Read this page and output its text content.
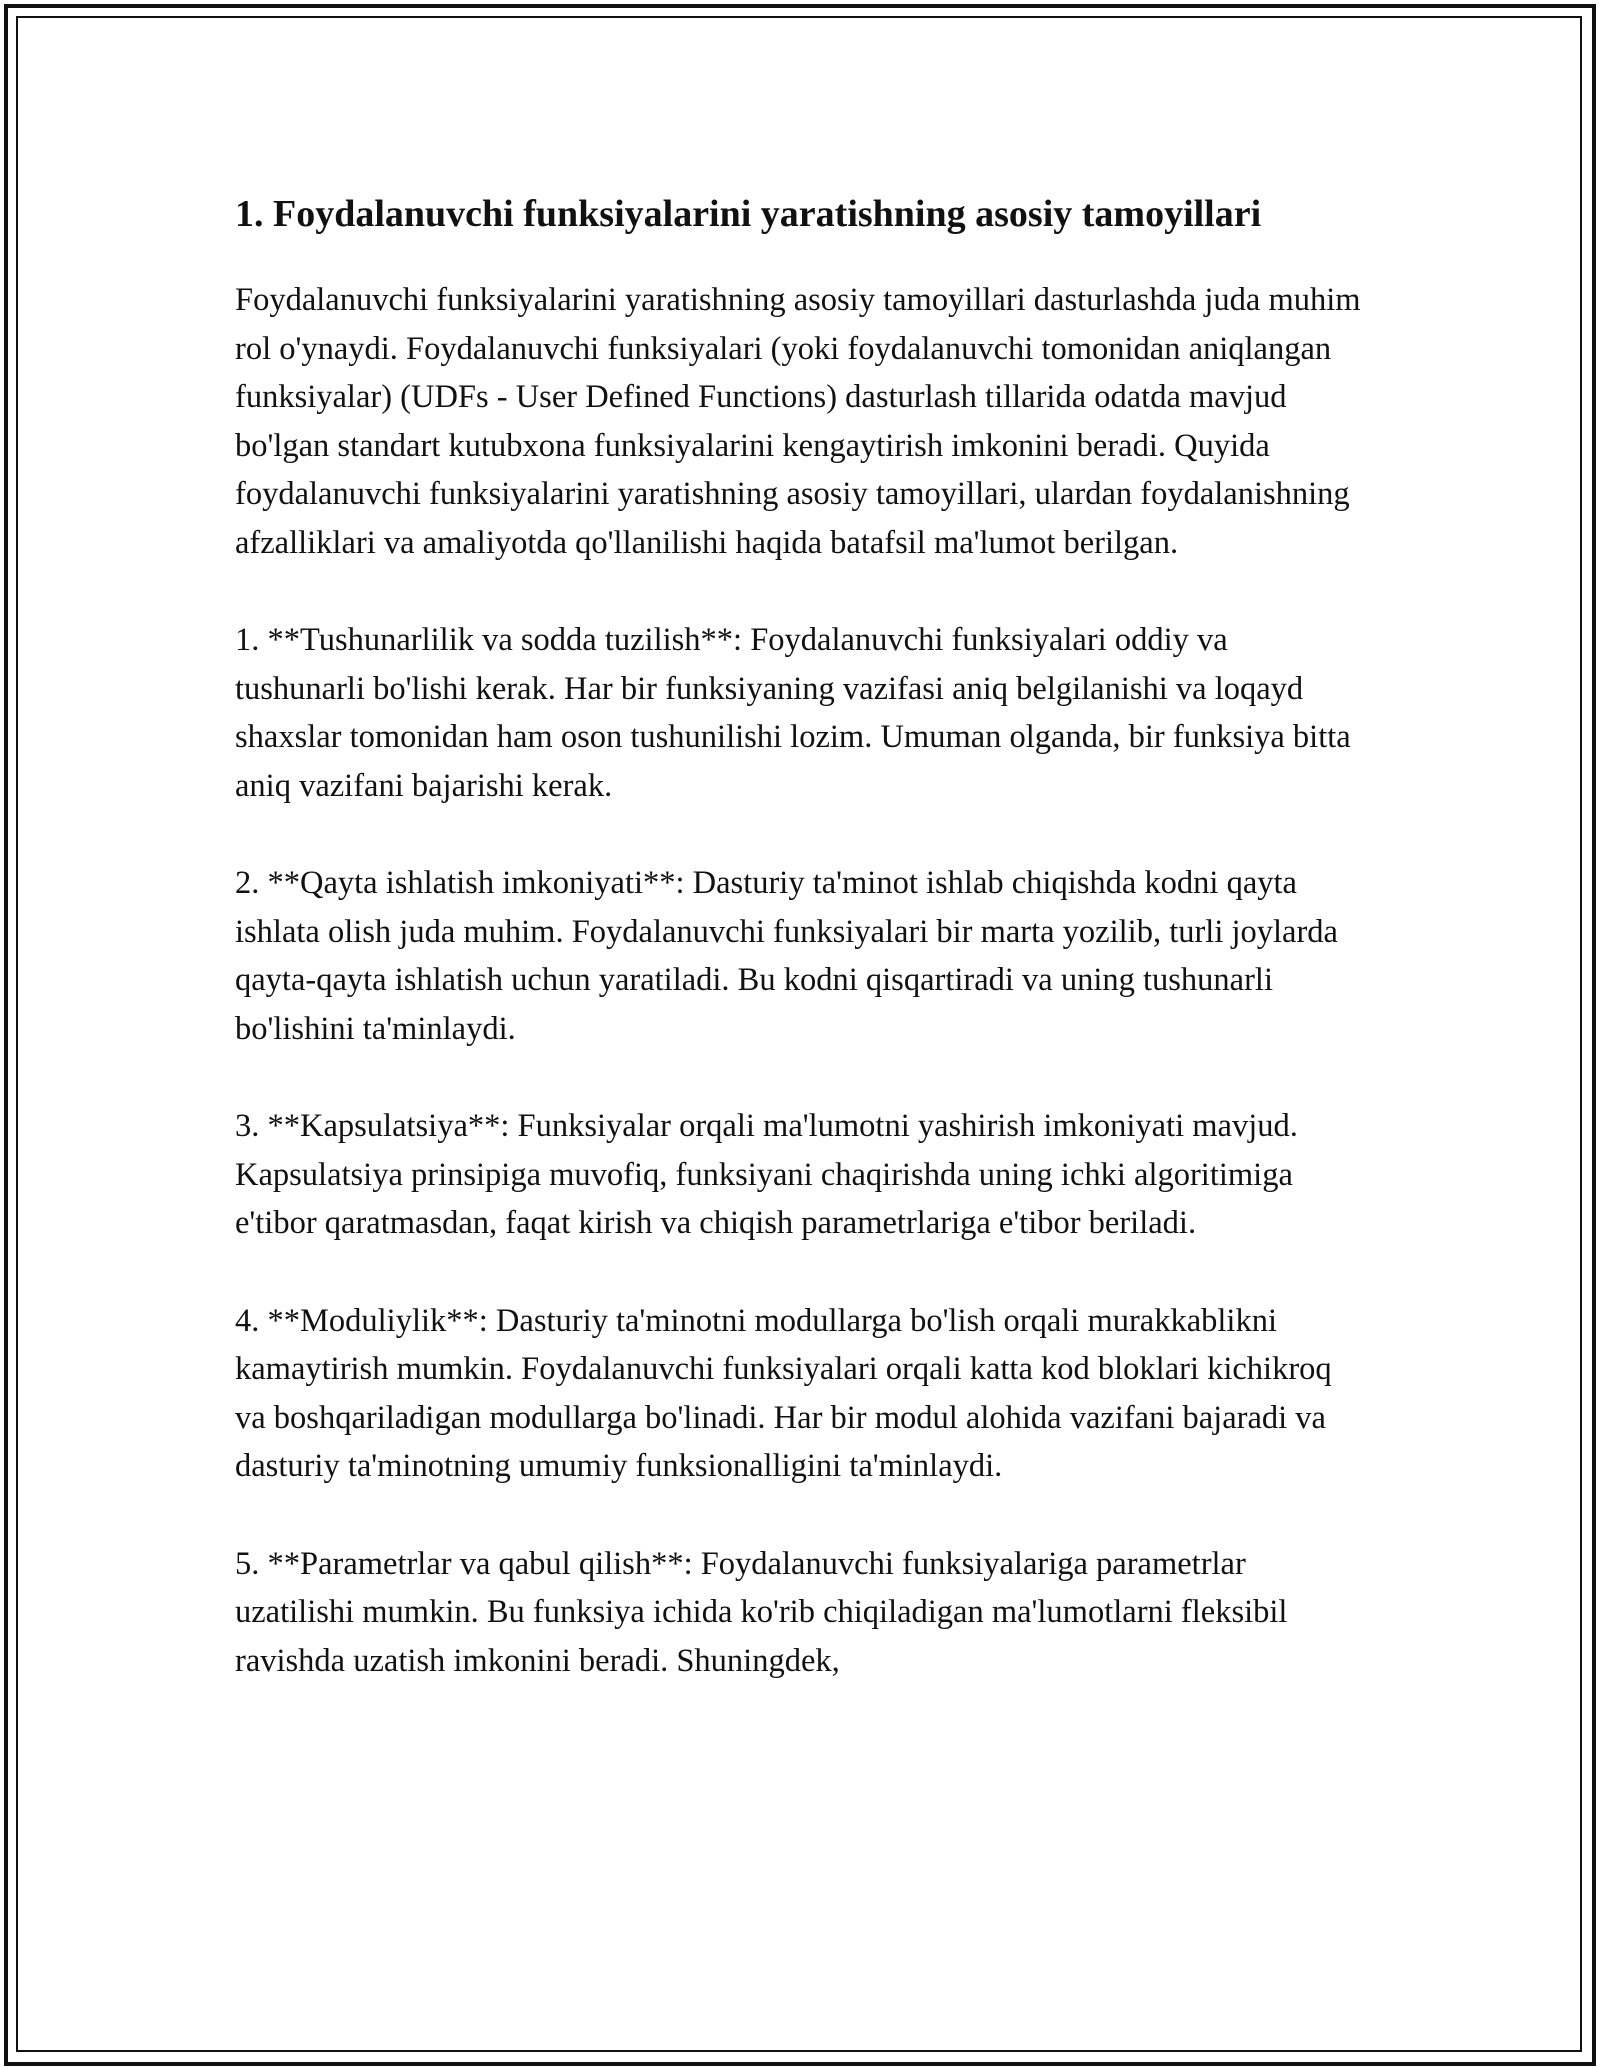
1. Foydalanuvchi funksiyalarini yaratishning asosiy tamoyillari

Foydalanuvchi funksiyalarini yaratishning asosiy tamoyillari dasturlashda juda muhim rol o'ynaydi. Foydalanuvchi funksiyalari (yoki foydalanuvchi tomonidan aniqlangan funksiyalar) (UDFs - User Defined Functions) dasturlash tillarida odatda mavjud bo'lgan standart kutubxona funksiyalarini kengaytirish imkonini beradi. Quyida foydalanuvchi funksiyalarini yaratishning asosiy tamoyillari, ulardan foydalanishning afzalliklari va amaliyotda qo'llanilishi haqida batafsil ma'lumot berilgan.

1. **Tushunarlilik va sodda tuzilish**: Foydalanuvchi funksiyalari oddiy va tushunarli bo'lishi kerak. Har bir funksiyaning vazifasi aniq belgilanishi va loqayd shaxslar tomonidan ham oson tushunilishi lozim. Umuman olganda, bir funksiya bitta aniq vazifani bajarishi kerak.

2. **Qayta ishlatish imkoniyati**: Dasturiy ta'minot ishlab chiqishda kodni qayta ishlata olish juda muhim. Foydalanuvchi funksiyalari bir marta yozilib, turli joylarda qayta-qayta ishlatish uchun yaratiladi. Bu kodni qisqartiradi va uning tushunarli bo'lishini ta'minlaydi.

3. **Kapsulatsiya**: Funksiyalar orqali ma'lumotni yashirish imkoniyati mavjud. Kapsulatsiya prinsipiga muvofiq, funksiyani chaqirishda uning ichki algoritimiga e'tibor qaratmasdan, faqat kirish va chiqish parametrlariga e'tibor beriladi.

4. **Moduliylik**: Dasturiy ta'minotni modullarga bo'lish orqali murakkablikni kamaytirish mumkin. Foydalanuvchi funksiyalari orqali katta kod bloklari kichikroq va boshqariladigan modullarga bo'linadi. Har bir modul alohida vazifani bajaradi va dasturiy ta'minotning umumiy funksionalligini ta'minlaydi.

5. **Parametrlar va qabul qilish**: Foydalanuvchi funksiyalariga parametrlar uzatilishi mumkin. Bu funksiya ichida ko'rib chiqiladigan ma'lumotlarni fleksibil ravishda uzatish imkonini beradi. Shuningdek,
